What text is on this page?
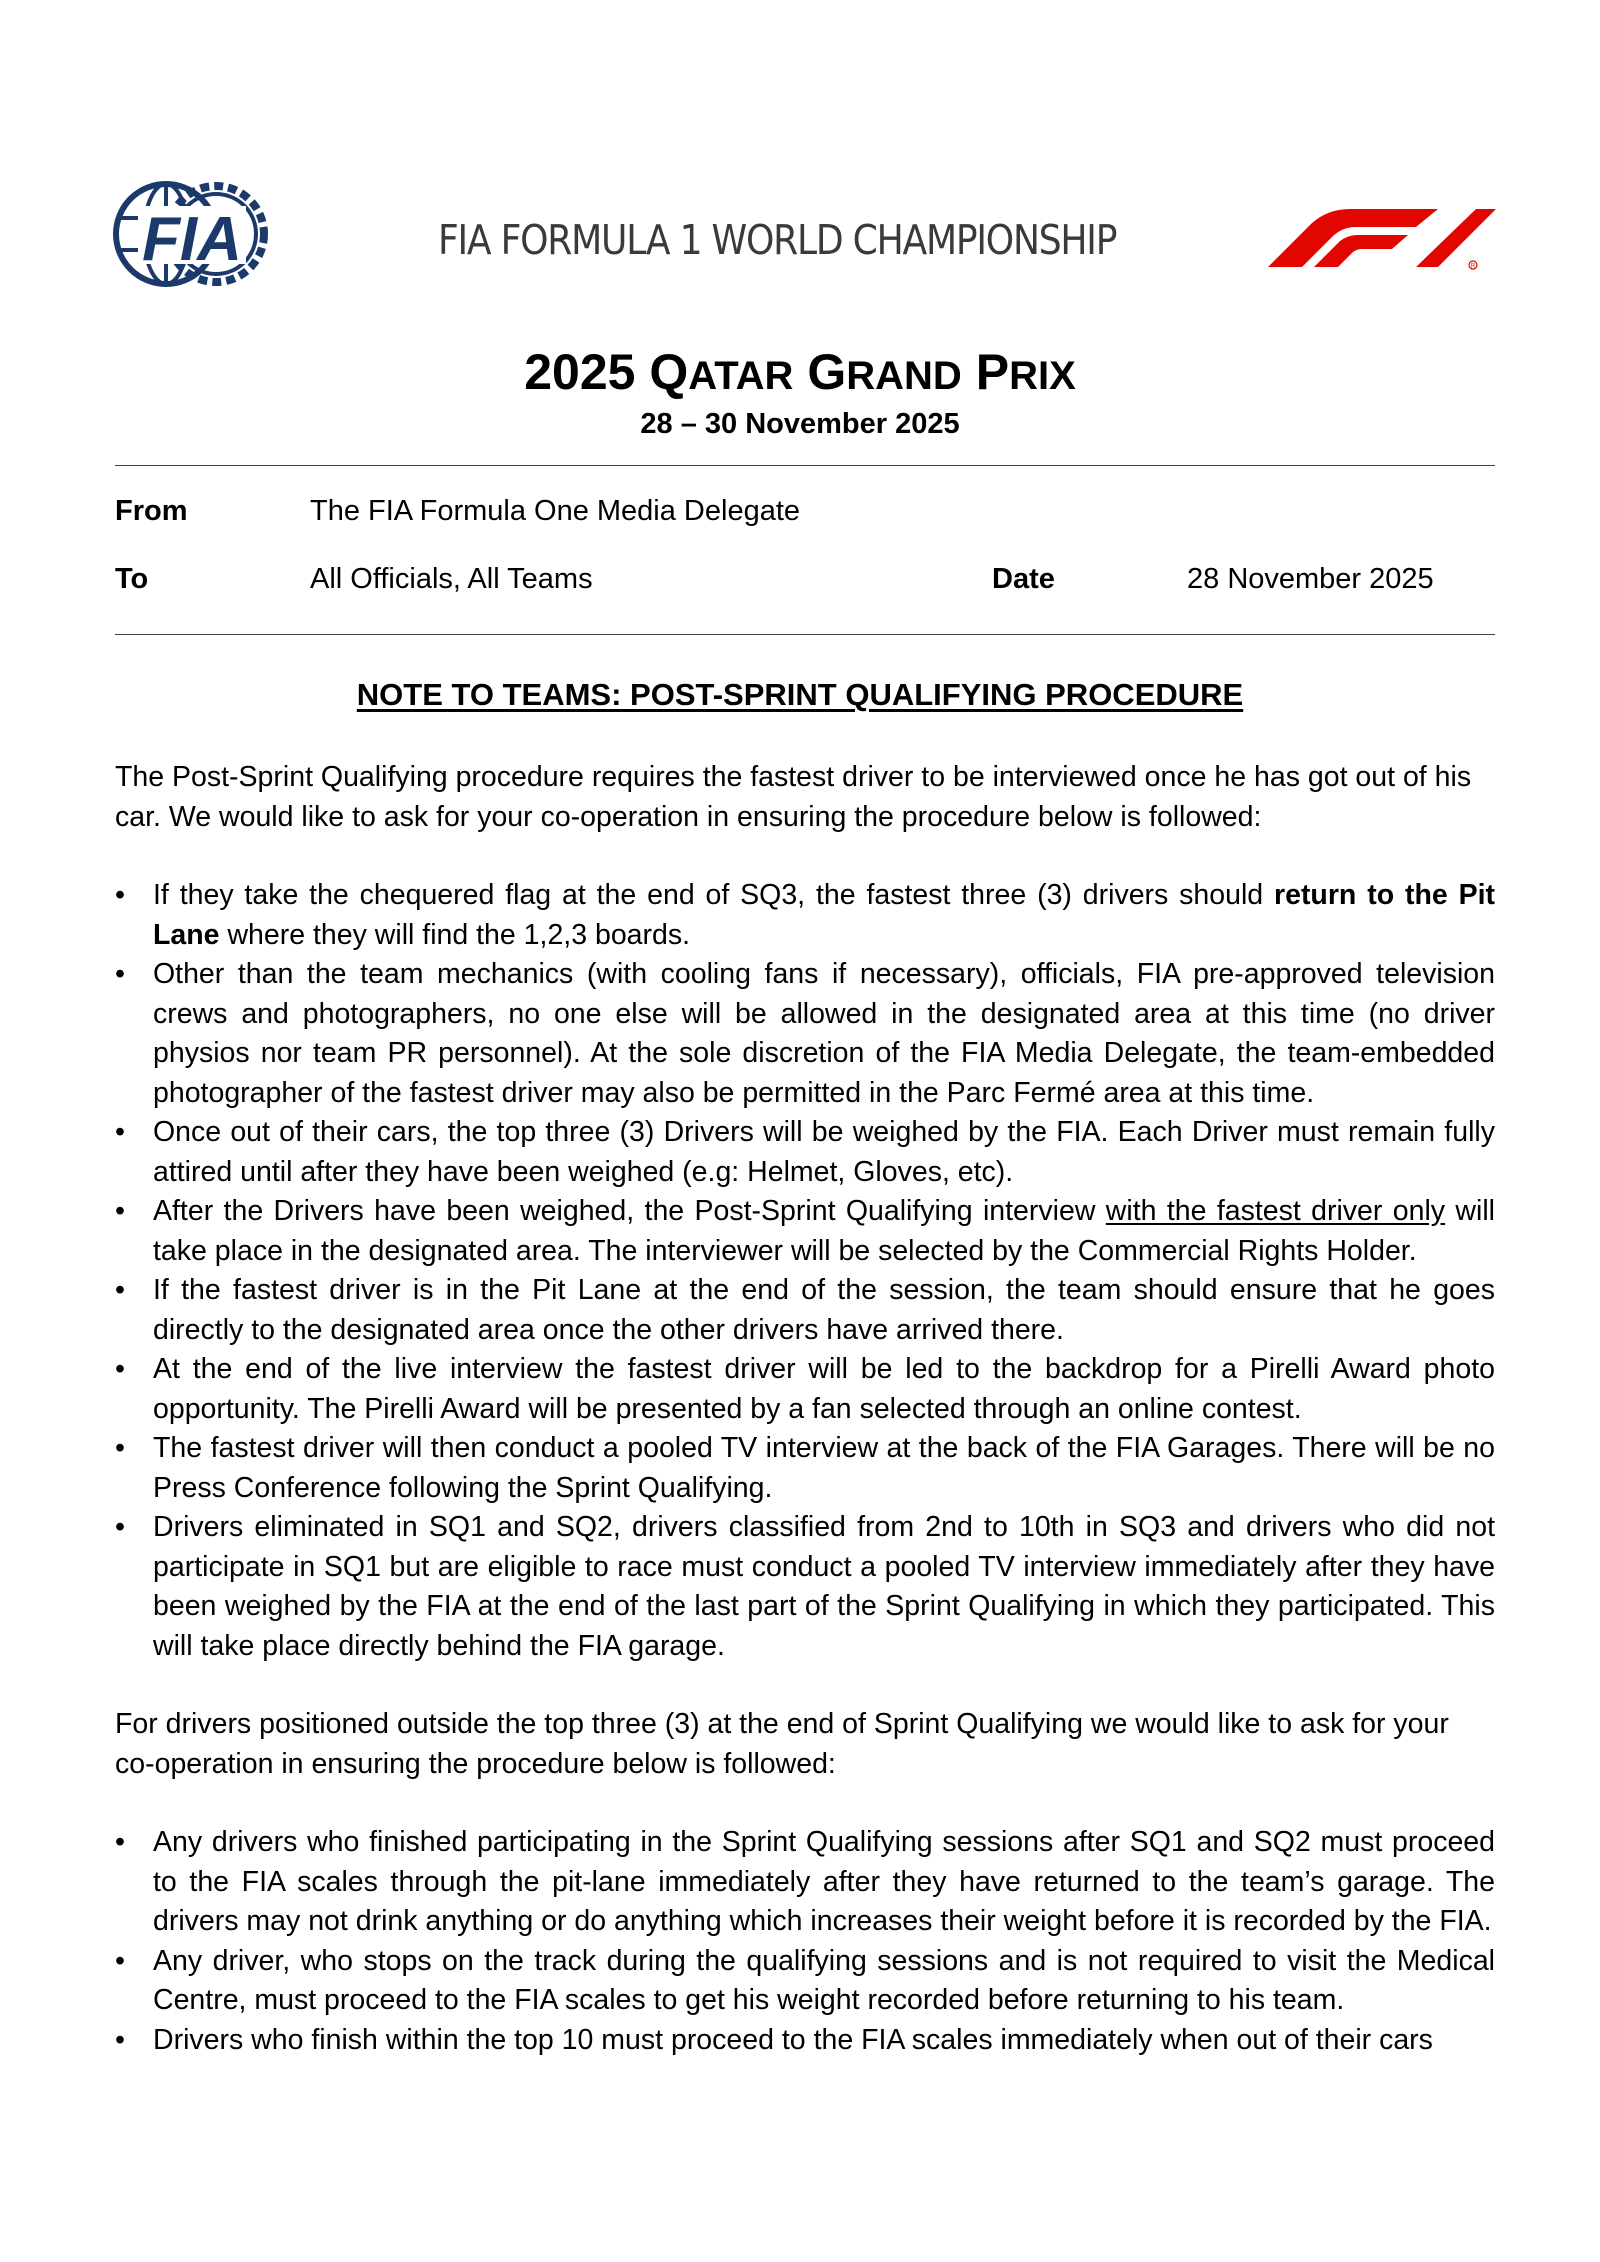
FIA	FIA FORMULA 1 WORLD CHAMPIONSHIP
R
2025 QATAR GRAND PRIX
28 – 30 November 2025
From	The FIA Formula One Media Delegate
To	All Officials, All Teams	Date	28 November 2025
NOTE TO TEAMS: POST-SPRINT QUALIFYING PROCEDURE

The Post-Sprint Qualifying procedure requires the fastest driver to be interviewed once he has got out of his car. We would like to ask for your co-operation in ensuring the procedure below is followed:

• If they take the chequered flag at the end of SQ3, the fastest three (3) drivers should return to the Pit Lane where they will find the 1,2,3 boards.
• Other than the team mechanics (with cooling fans if necessary), officials, FIA pre-approved television crews and photographers, no one else will be allowed in the designated area at this time (no driver physios nor team PR personnel). At the sole discretion of the FIA Media Delegate, the team-embedded photographer of the fastest driver may also be permitted in the Parc Fermé area at this time.
• Once out of their cars, the top three (3) Drivers will be weighed by the FIA. Each Driver must remain fully attired until after they have been weighed (e.g: Helmet, Gloves, etc).
• After the Drivers have been weighed, the Post-Sprint Qualifying interview with the fastest driver only will take place in the designated area. The interviewer will be selected by the Commercial Rights Holder.
• If the fastest driver is in the Pit Lane at the end of the session, the team should ensure that he goes directly to the designated area once the other drivers have arrived there.
• At the end of the live interview the fastest driver will be led to the backdrop for a Pirelli Award photo opportunity. The Pirelli Award will be presented by a fan selected through an online contest.
• The fastest driver will then conduct a pooled TV interview at the back of the FIA Garages. There will be no Press Conference following the Sprint Qualifying.
• Drivers eliminated in SQ1 and SQ2, drivers classified from 2nd to 10th in SQ3 and drivers who did not participate in SQ1 but are eligible to race must conduct a pooled TV interview immediately after they have been weighed by the FIA at the end of the last part of the Sprint Qualifying in which they participated. This will take place directly behind the FIA garage.

For drivers positioned outside the top three (3) at the end of Sprint Qualifying we would like to ask for your co-operation in ensuring the procedure below is followed:

• Any drivers who finished participating in the Sprint Qualifying sessions after SQ1 and SQ2 must proceed to the FIA scales through the pit-lane immediately after they have returned to the team’s garage. The drivers may not drink anything or do anything which increases their weight before it is recorded by the FIA.
• Any driver, who stops on the track during the qualifying sessions and is not required to visit the Medical Centre, must proceed to the FIA scales to get his weight recorded before returning to his team.
• Drivers who finish within the top 10 must proceed to the FIA scales immediately when out of their cars
